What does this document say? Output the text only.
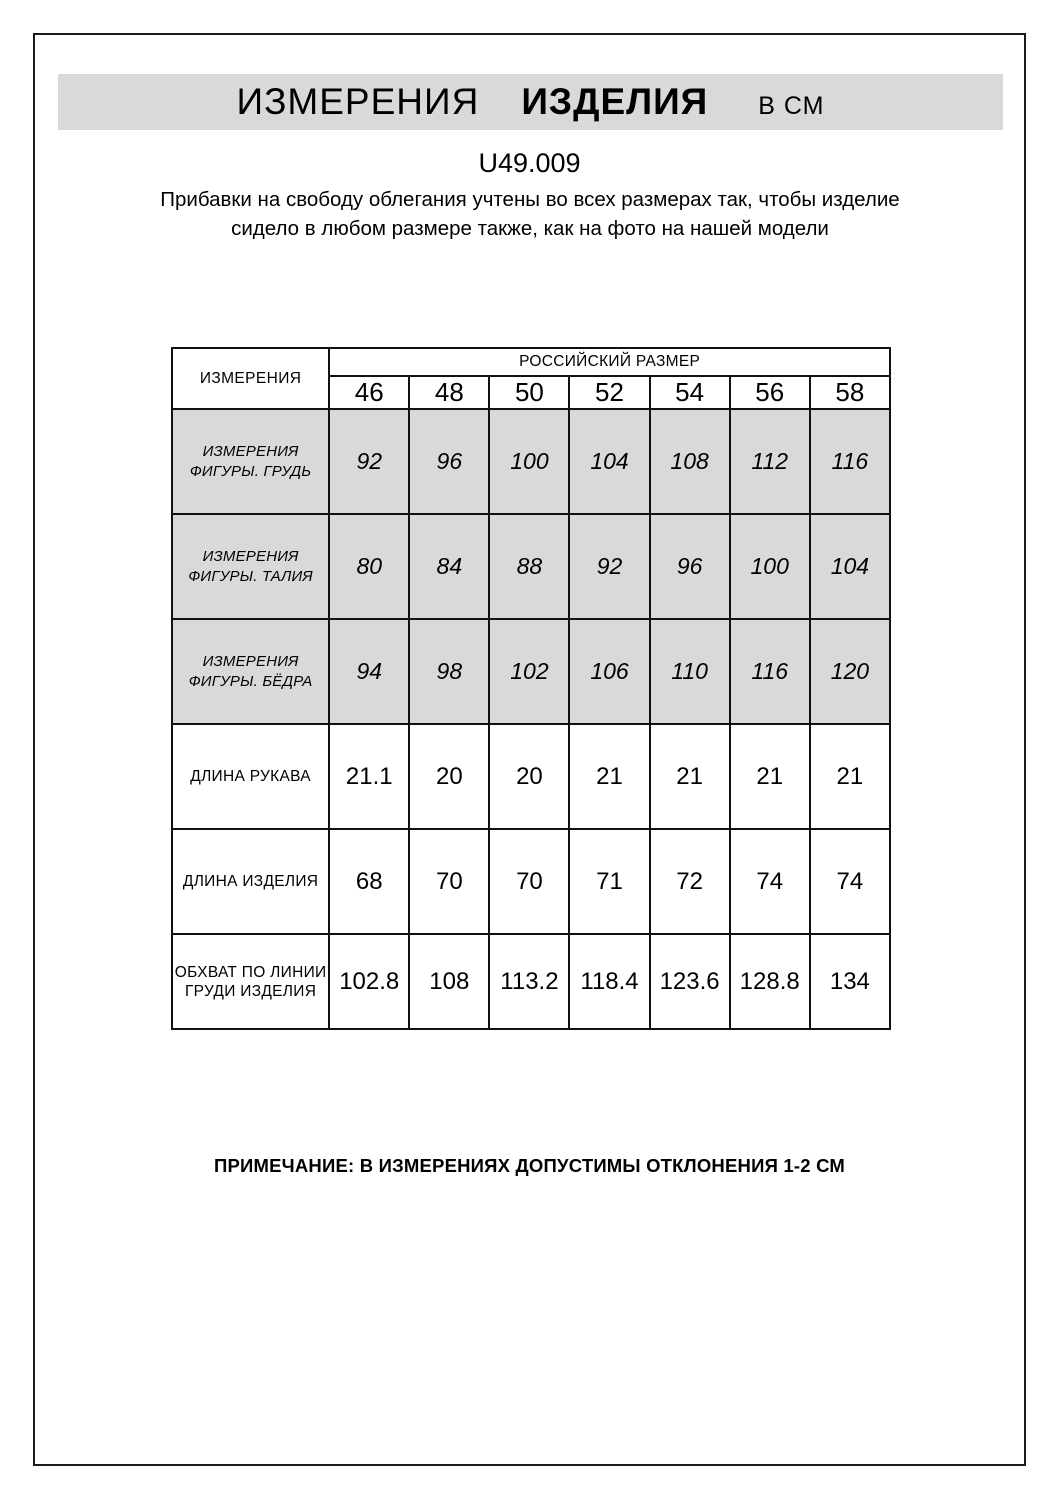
ИЗМЕРЕНИЯ ИЗДЕЛИЯ	В СМ
U49.009
Прибавки на свободу облегания учтены во всех размерах так, чтобы изделие сидело в любом размере также, как на фото на нашей модели
ИЗМЕРЕНИЯ	РОССИЙСКИЙ РАЗМЕР						
	46	48	50	52	54	56	58
ИЗМЕРЕНИЯ ФИГУРЫ. ГРУДЬ	92	96	100	104	108	112	116
ИЗМЕРЕНИЯ ФИГУРЫ. ТАЛИЯ	80	84	88	92	96	100	104
ИЗМЕРЕНИЯ ФИГУРЫ. БЁДРА	94	98	102	106	110	116	120
ДЛИНА РУКАВА	21.1	20	20	21	21	21	21
ДЛИНА ИЗДЕЛИЯ	68	70	70	71	72	74	74
ОБХВАТ ПО ЛИНИИ ГРУДИ ИЗДЕЛИЯ	102.8	108	113.2	118.4	123.6	128.8	134
ПРИМЕЧАНИЕ: В ИЗМЕРЕНИЯХ ДОПУСТИМЫ ОТКЛОНЕНИЯ 1-2 СМ
